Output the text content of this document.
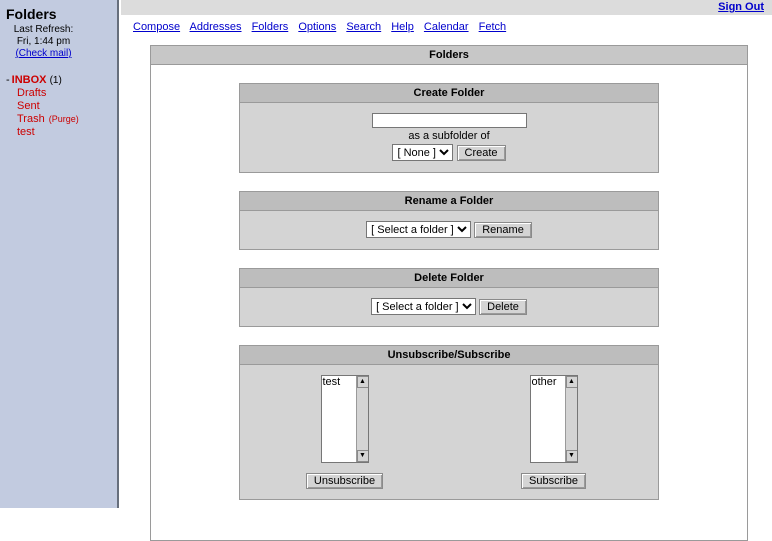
Folders
Last Refresh:
Fri, 1:44 pm
(Check mail)
- INBOX (1)
Drafts
Sent
Trash (Purge)
test
Sign Out
Compose Addresses Folders Options Search Help Calendar Fetch
Folders
Create Folder
as a subfolder of
[ None ] Create
Rename a Folder
[ Select a folder ] Rename
Delete Folder
[ Select a folder ] Delete
Unsubscribe/Subscribe
test	▲
▼
other	▲
▼
Unsubscribe	Subscribe
